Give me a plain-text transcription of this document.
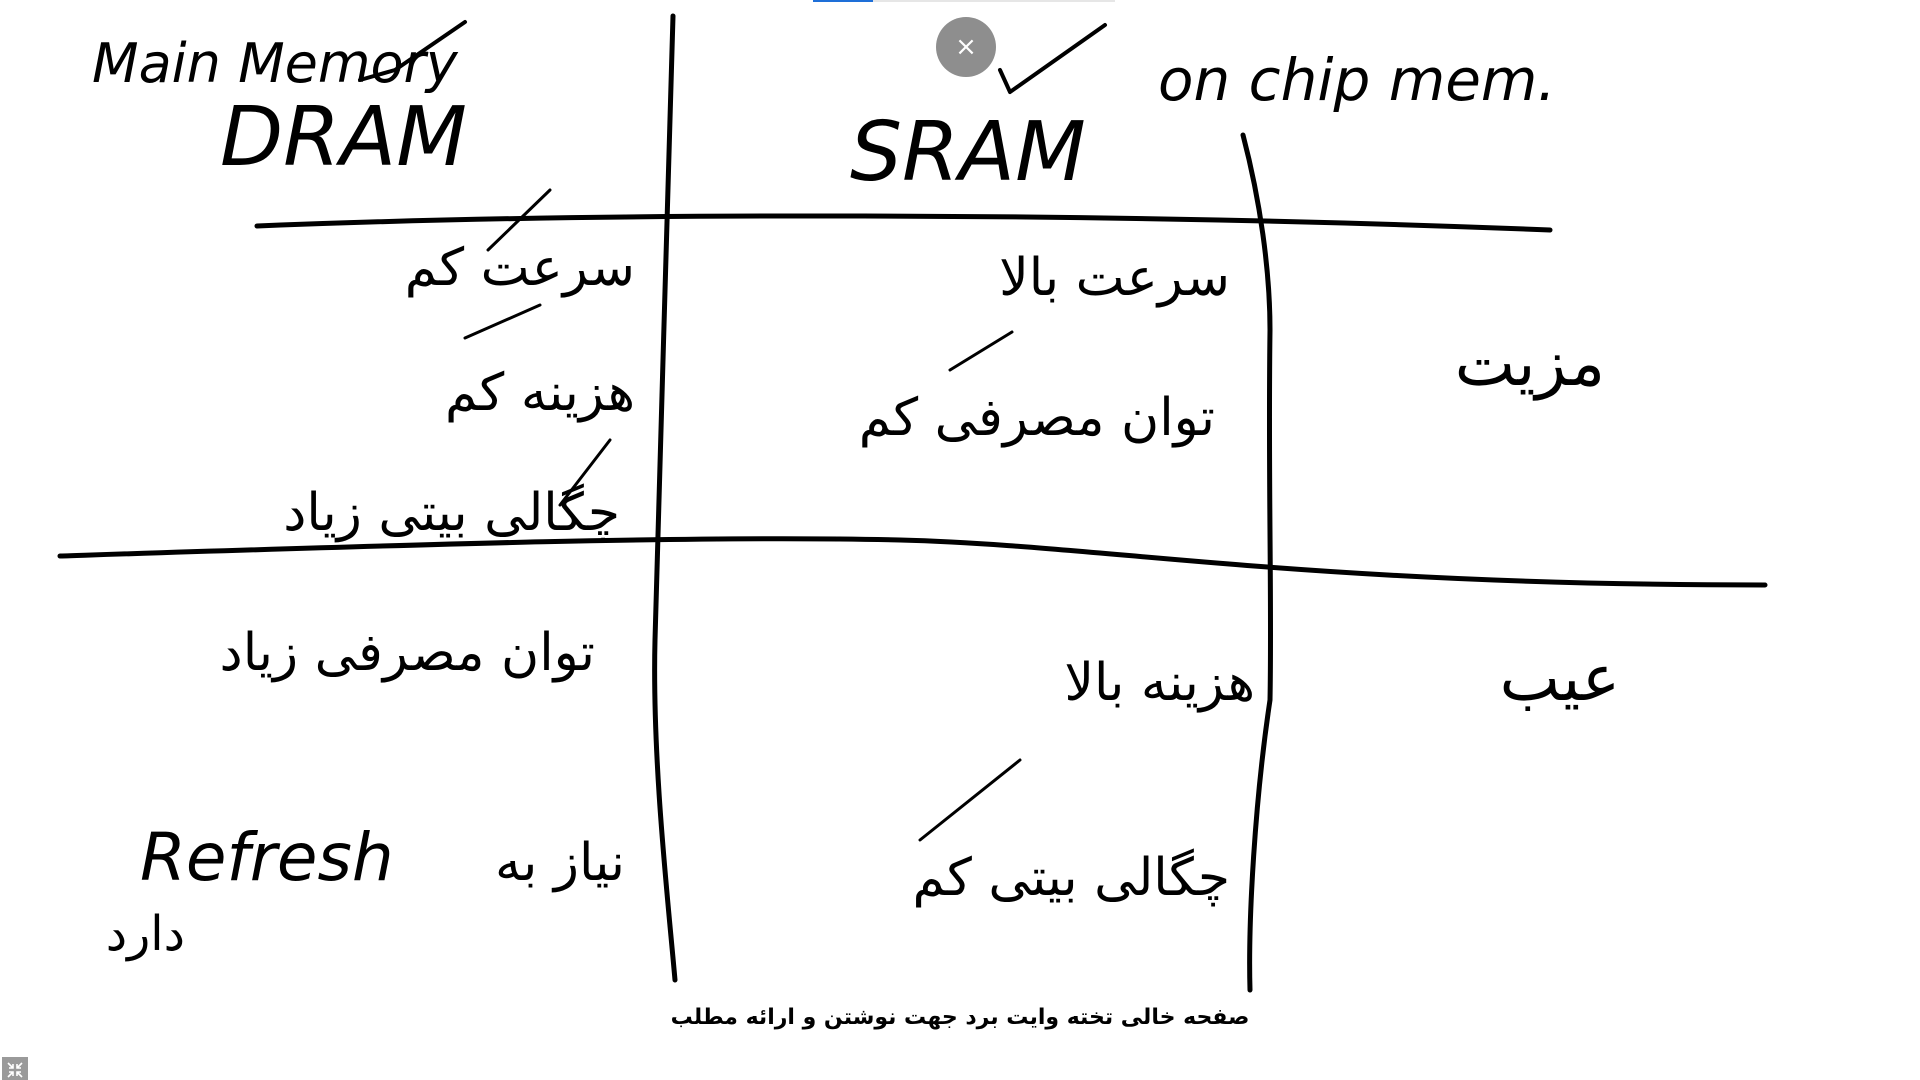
Main Memory
DRAM	SRAM
on chip mem.
مزیت
عیب
سرعت کم
هزینه کم
چگالی بیتی زیاد
سرعت بالا
توان مصرفی کم
توان مصرفی زیاد
Refresh نیاز به
دارد
هزینه بالا
چگالی بیتی کم
×
صفحه خالی تخته وایت برد جهت نوشتن و ارائه مطلب
